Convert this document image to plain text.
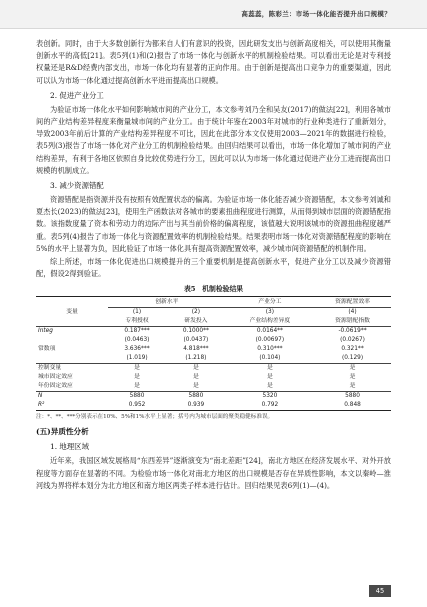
高蕊蕊，陈彩兰：市场一体化能否提升出口规模？

表创新。同时，由于大多数创新行为都来自人们有意识的投资，因此研发支出与创新高度相关，可以使用其衡量创新水平的高低[21]。表5列(1)和(2)报告了市场一体化与创新水平的机制检验结果。可以看出无论是对专利授权量还是R&D经费内部支出，市场一体化均有显著的正向作用。由于创新是提高出口竞争力的重要渠道，因此可以认为市场一体化通过提高创新水平进而提高出口规模。

2. 促进产业分工

为验证市场一体化水平如何影响城市间的产业分工，本文参考刘乃全和吴友(2017)的做法[22]，利用各城市间的产业结构差异程度来衡量城市间的产业分工。由于统计年鉴在2003年对城市的行业种类进行了重新划分，导致2003年前后计算的产业结构差异程度不可比，因此在此部分本文仅使用2003—2021年的数据进行检验，表5列(3)报告了市场一体化对产业分工的机制检验结果。由回归结果可以看出，市场一体化增加了城市间的产业结构差异，有利于各地区依照自身比较优势进行分工，因此可以认为市场一体化通过促进产业分工进而提高出口规模的机制成立。

3. 减少资源错配

资源错配是指资源并没有按照有效配置状态的偏离。为验证市场一体化能否减少资源错配，本文参考刘诚和夏杰长(2023)的做法[23]，使用生产函数法对各城市的要素扭曲程度进行测算，从而得到城市层面的资源错配指数。该指数度量了资本和劳动力的边际产出与其当前价格的偏离程度，该值越大说明该城市的资源扭曲程度越严重。表5列(4)报告了市场一体化与资源配置效率的机制检验结果。结果表明市场一体化对资源错配程度的影响在5%的水平上显著为负，因此验证了市场一体化具有提高资源配置效率，减少城市间资源错配的机制作用。

综上所述，市场一体化促进出口规模提升的三个重要机制是提高创新水平，促进产业分工以及减少资源错配，假设2得到验证。

表5　机制检验结果
变量	创新水平		产业分工	资源配置效率
	(1)	(2)	(3)	(4)
	专利授权	研发投入	产业结构差异度	资源错配指数
Integ	0.187***	0.1000**	0.0164**	-0.0619**
	(0.0463)	(0.0437)	(0.00697)	(0.0267)
常数项	3.636***	4.818***	0.310***	0.321**
	(1.019)	(1.218)	(0.104)	(0.129)
控制变量	是	是	是	是
城市固定效应	是	是	是	是
年份固定效应	是	是	是	是
N	5880	5880	5320	5880
R²	0.952	0.939	0.792	0.848
注：*、**、***分别表示在10%、5%和1%水平上显著；括号内为城市层面的聚类稳健标准误。
(五)异质性分析
1. 地理区域

近年来，我国区域发展格局“东西差异”逐渐演变为“南北差距”[24]，南北方地区在经济发展水平、对外开放程度等方面存在显著的不同。为检验市场一体化对南北方地区的出口规模是否存在异质性影响，本文以秦岭—淮河线为界将样本划分为北方地区和南方地区两类子样本进行估计。回归结果见表6列(1)—(4)。

45
